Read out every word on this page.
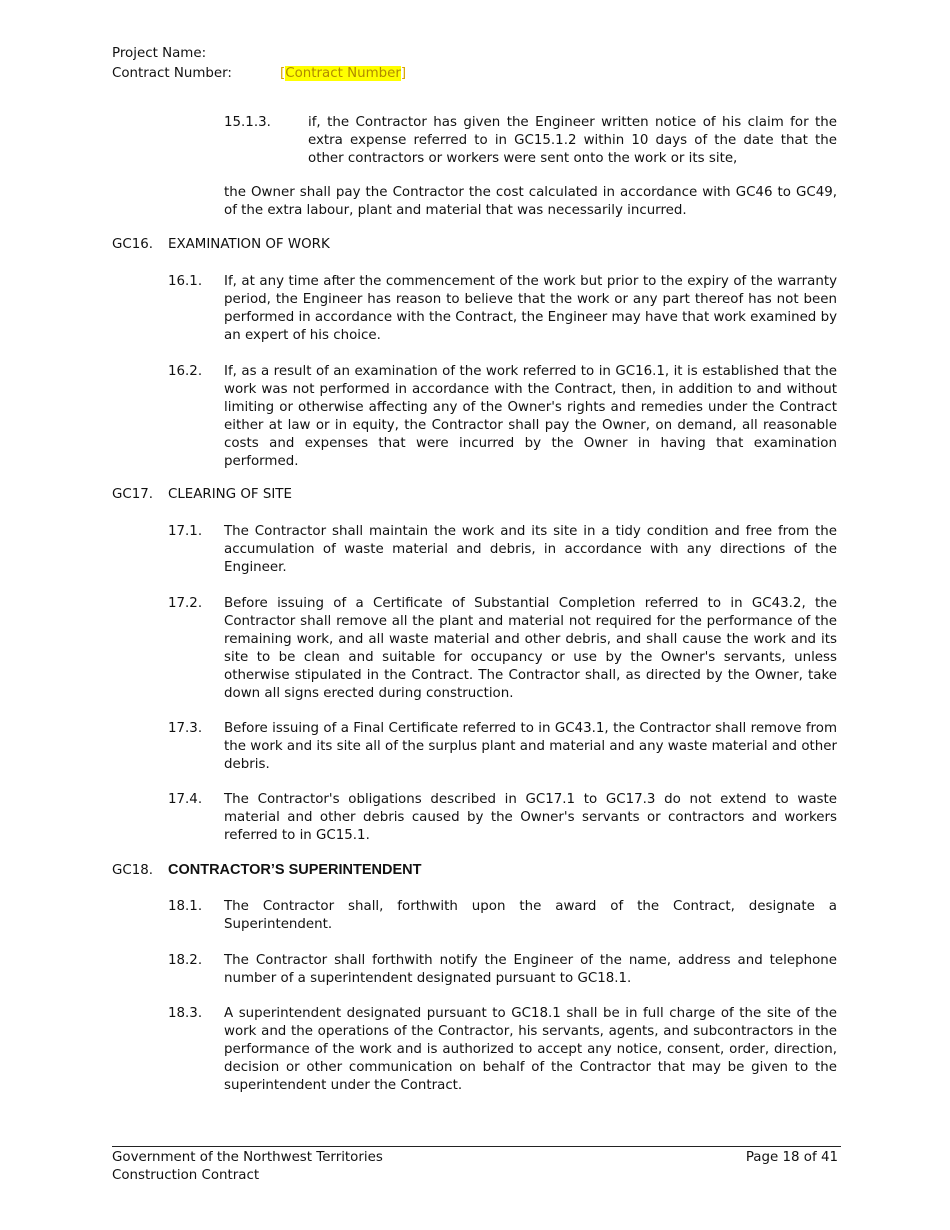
Project Name:
Contract Number:	[Contract Number]
15.1.3.	if, the Contractor has given the Engineer written notice of his claim for the extra expense referred to in GC15.1.2 within 10 days of the date that the other contractors or workers were sent onto the work or its site,
the Owner shall pay the Contractor the cost calculated in accordance with GC46 to GC49, of the extra labour, plant and material that was necessarily incurred.
GC16. EXAMINATION OF WORK
16.1. If, at any time after the commencement of the work but prior to the expiry of the warranty period, the Engineer has reason to believe that the work or any part thereof has not been performed in accordance with the Contract, the Engineer may have that work examined by an expert of his choice.
16.2. If, as a result of an examination of the work referred to in GC16.1, it is established that the work was not performed in accordance with the Contract, then, in addition to and without limiting or otherwise affecting any of the Owner's rights and remedies under the Contract either at law or in equity, the Contractor shall pay the Owner, on demand, all reasonable costs and expenses that were incurred by the Owner in having that examination performed.
GC17. CLEARING OF SITE
17.1. The Contractor shall maintain the work and its site in a tidy condition and free from the accumulation of waste material and debris, in accordance with any directions of the Engineer.
17.2. Before issuing of a Certificate of Substantial Completion referred to in GC43.2, the Contractor shall remove all the plant and material not required for the performance of the remaining work, and all waste material and other debris, and shall cause the work and its site to be clean and suitable for occupancy or use by the Owner's servants, unless otherwise stipulated in the Contract. The Contractor shall, as directed by the Owner, take down all signs erected during construction.
17.3. Before issuing of a Final Certificate referred to in GC43.1, the Contractor shall remove from the work and its site all of the surplus plant and material and any waste material and other debris.
17.4. The Contractor's obligations described in GC17.1 to GC17.3 do not extend to waste material and other debris caused by the Owner's servants or contractors and workers referred to in GC15.1.
GC18. CONTRACTOR’S SUPERINTENDENT
18.1. The Contractor shall, forthwith upon the award of the Contract, designate a Superintendent.
18.2. The Contractor shall forthwith notify the Engineer of the name, address and telephone number of a superintendent designated pursuant to GC18.1.
18.3. A superintendent designated pursuant to GC18.1 shall be in full charge of the site of the work and the operations of the Contractor, his servants, agents, and subcontractors in the performance of the work and is authorized to accept any notice, consent, order, direction, decision or other communication on behalf of the Contractor that may be given to the superintendent under the Contract.
Government of the Northwest Territories
Construction Contract
Page 18 of 41
